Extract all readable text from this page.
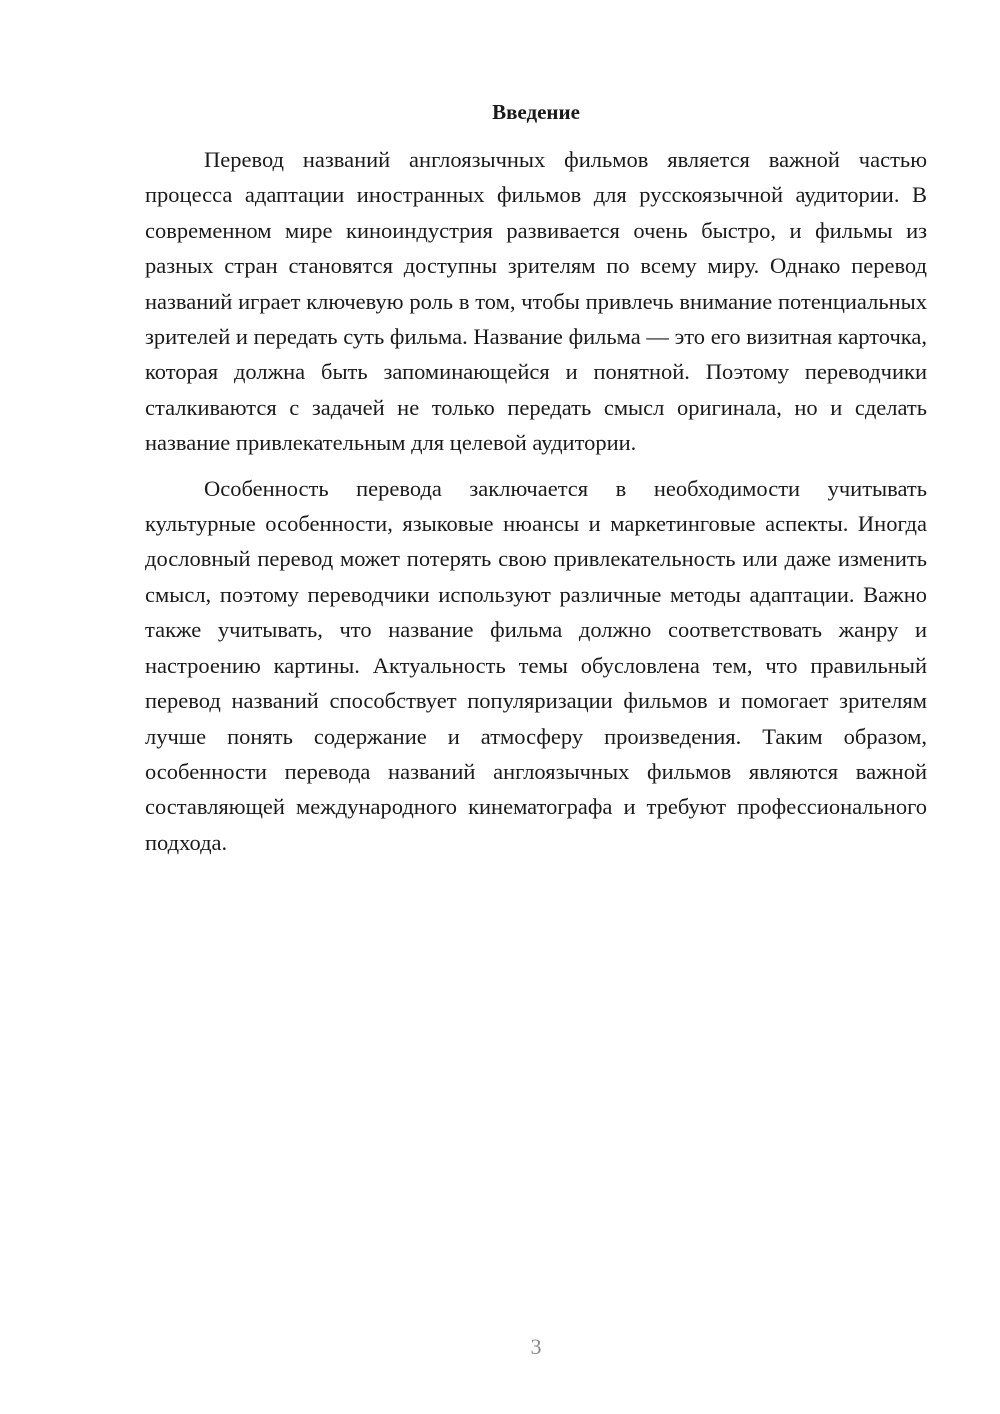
Введение

Перевод названий англоязычных фильмов является важной частью процесса адаптации иностранных фильмов для русскоязычной аудитории. В современном мире киноиндустрия развивается очень быстро, и фильмы из разных стран становятся доступны зрителям по всему миру. Однако перевод названий играет ключевую роль в том, чтобы привлечь внимание потенциальных зрителей и передать суть фильма. Название фильма — это его визитная карточка, которая должна быть запоминающейся и понятной. Поэтому переводчики сталкиваются с задачей не только передать смысл оригинала, но и сделать название привлекательным для целевой аудитории.

Особенность перевода заключается в необходимости учитывать культурные особенности, языковые нюансы и маркетинговые аспекты. Иногда дословный перевод может потерять свою привлекательность или даже изменить смысл, поэтому переводчики используют различные методы адаптации. Важно также учитывать, что название фильма должно соответствовать жанру и настроению картины. Актуальность темы обусловлена тем, что правильный перевод названий способствует популяризации фильмов и помогает зрителям лучше понять содержание и атмосферу произведения. Таким образом, особенности перевода названий англоязычных фильмов являются важной составляющей международного кинематографа и требуют профессионального подхода.

3
